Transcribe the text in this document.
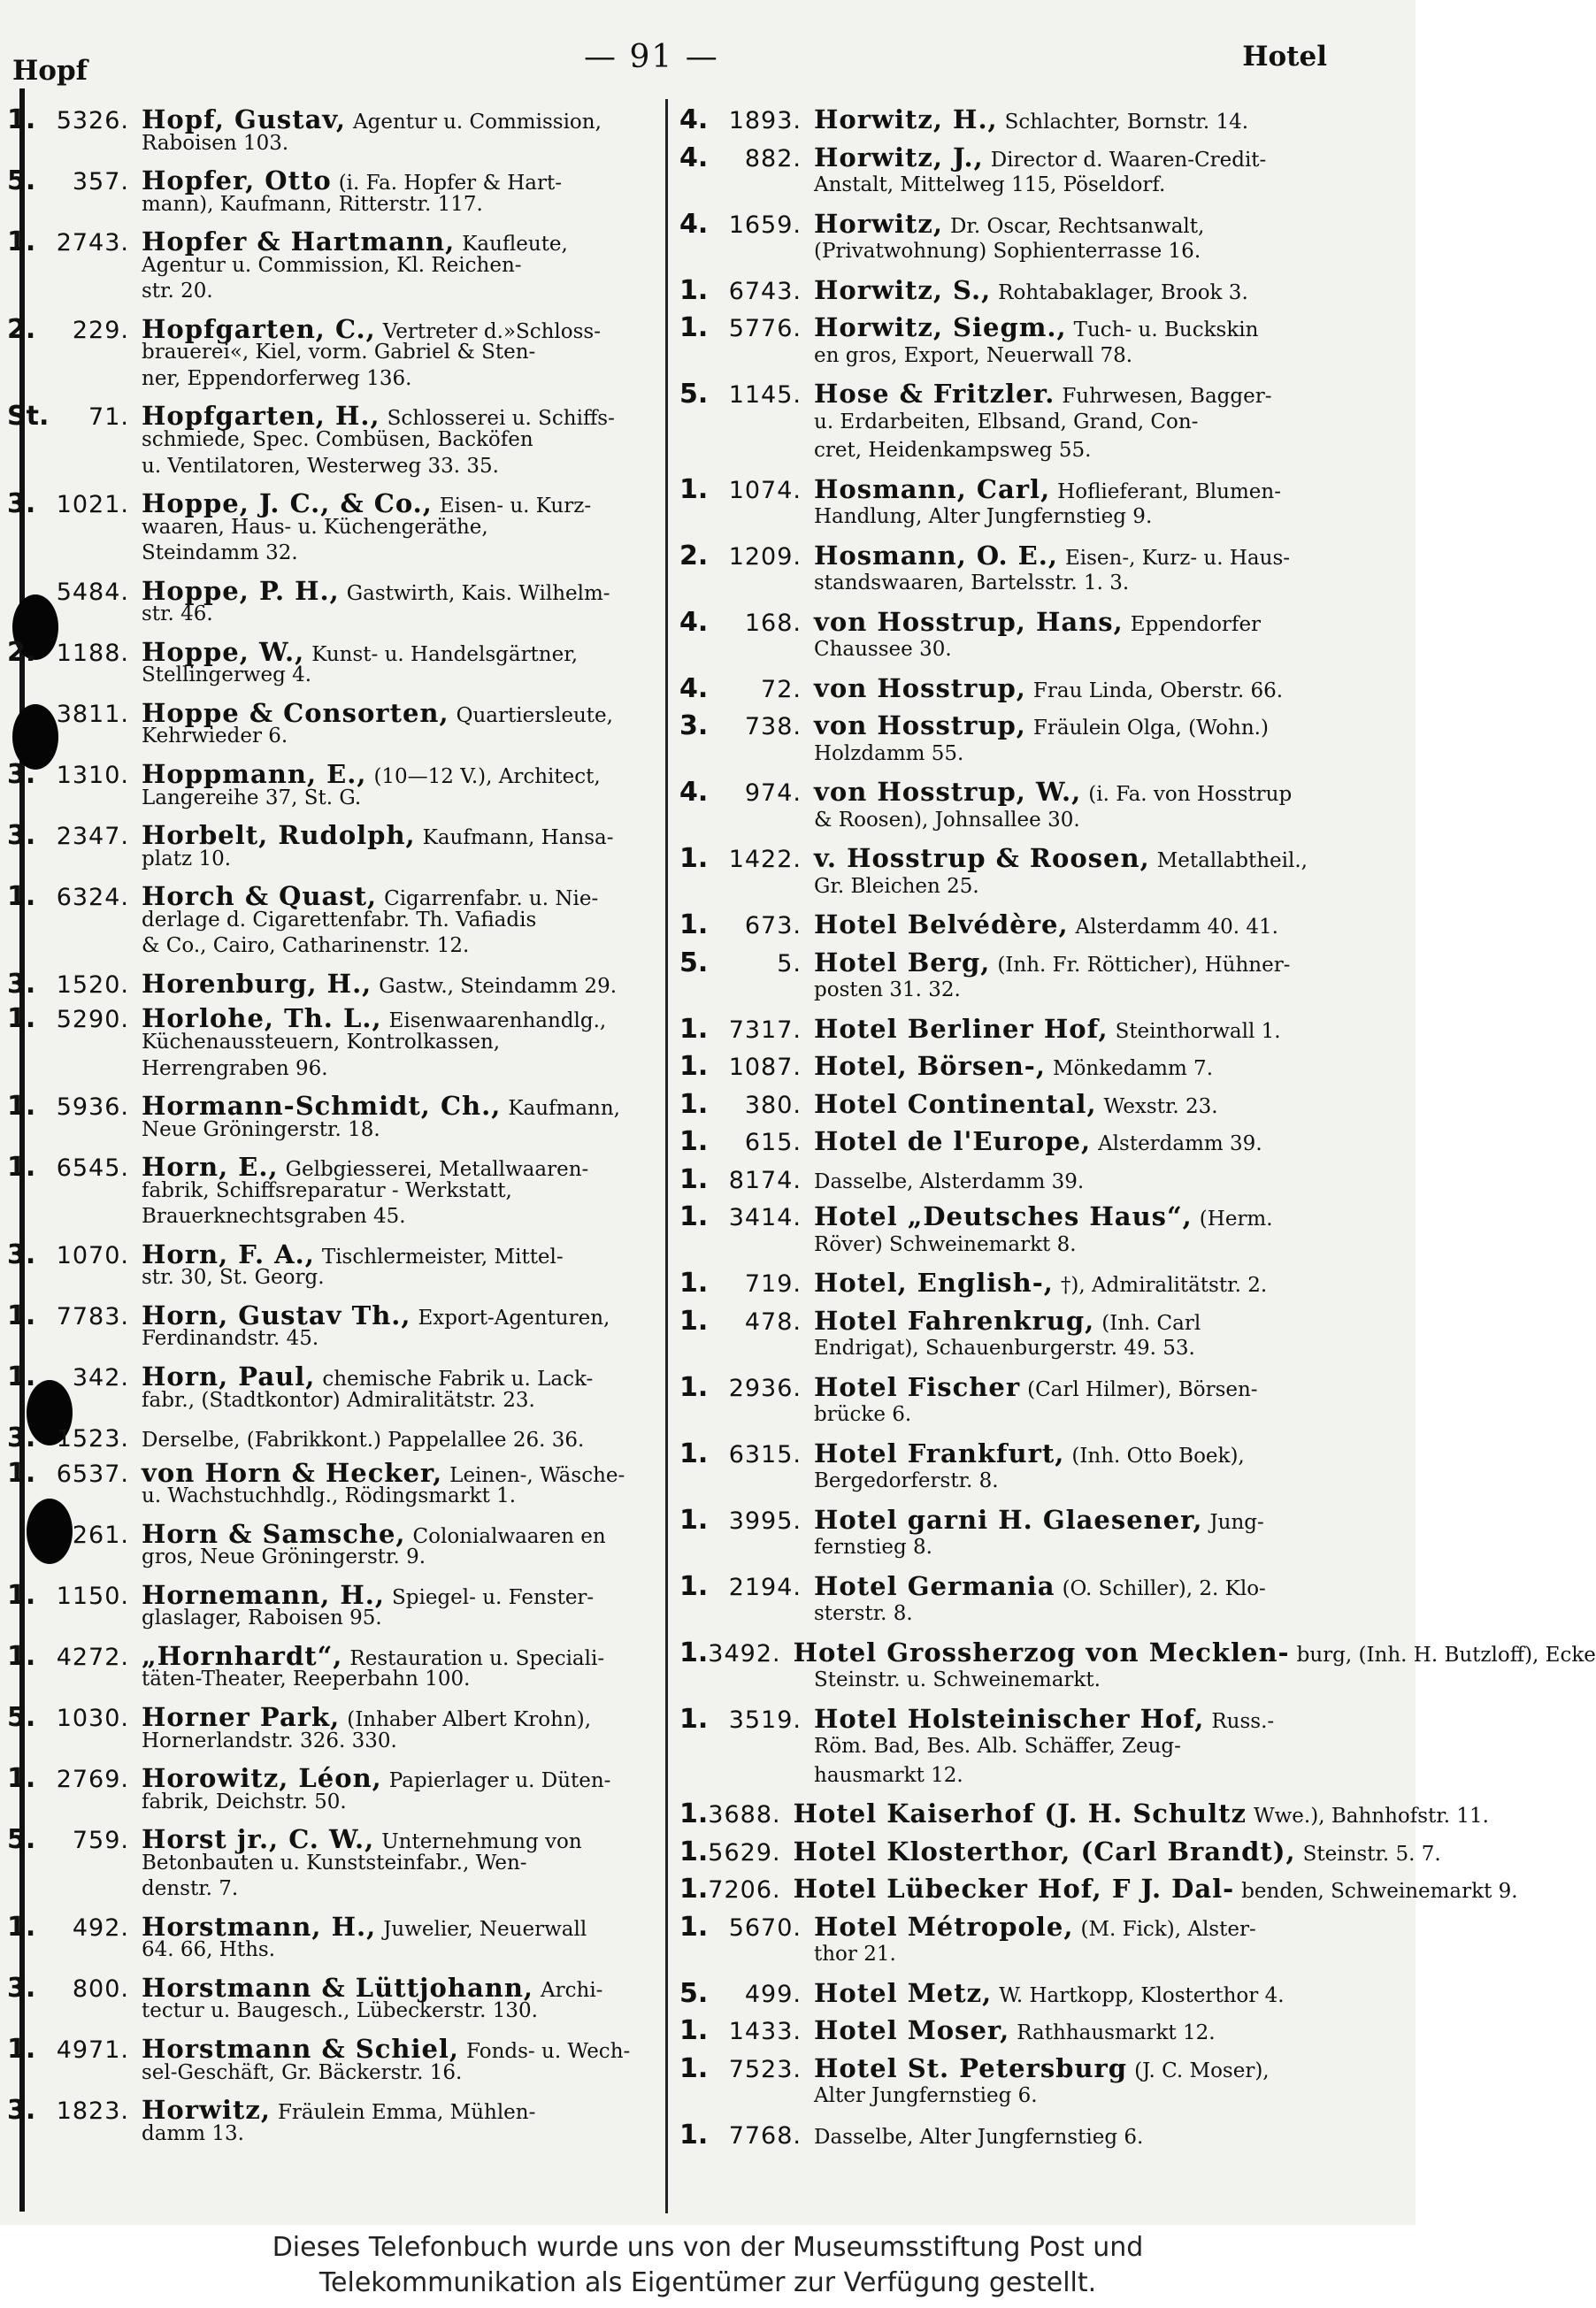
Hopf	— 91 —	Hotel
1. 5326. Hopf, Gustav, Agentur u. Commission,
Raboisen 103.
5.	357. Hopfer, Otto (i. Fa. Hopfer & Hart-
mann), Kaufmann, Ritterstr. 117.
1. 2743. Hopfer & Hartmann, Kaufleute,
Agentur u. Commission, Kl. Reichen-
str. 20.
2.	229. Hopfgarten, C., Vertreter d.»Schloss-
brauerei«, Kiel, vorm. Gabriel & Sten-
ner, Eppendorferweg 136.
St.	71. Hopfgarten, H., Schlosserei u. Schiffs-
schmiede, Spec. Combüsen, Backöfen
u. Ventilatoren, Westerweg 33. 35.
3. 1021. Hoppe, J. C., & Co., Eisen- u. Kurz-
waaren, Haus- u. Küchengeräthe,
Steindamm 32.
5484. Hoppe, P. H., Gastwirth, Kais. Wilhelm-
str. 46.
2. 1188. Hoppe, W., Kunst- u. Handelsgärtner,
Stellingerweg 4.
3811. Hoppe & Consorten, Quartiersleute,
Kehrwieder 6.
3. 1310. Hoppmann, E., (10—12 V.), Architect,
Langereihe 37, St. G.
3. 2347. Horbelt, Rudolph, Kaufmann, Hansa-
platz 10.
1. 6324. Horch & Quast, Cigarrenfabr. u. Nie-
derlage d. Cigarettenfabr. Th. Vafiadis
& Co., Cairo, Catharinenstr. 12.
3. 1520. Horenburg, H., Gastw., Steindamm 29.
1. 5290. Horlohe, Th. L., Eisenwaarenhandlg.,
Küchenaussteuern, Kontrolkassen,
Herrengraben 96.
1. 5936. Hormann-Schmidt, Ch., Kaufmann,
Neue Gröningerstr. 18.
1. 6545. Horn, E., Gelbgiesserei, Metallwaaren-
fabrik, Schiffsreparatur - Werkstatt,
Brauerknechtsgraben 45.
3. 1070. Horn, F. A., Tischlermeister, Mittel-
str. 30, St. Georg.
1. 7783. Horn, Gustav Th., Export-Agenturen,
Ferdinandstr. 45.
1.	342. Horn, Paul, chemische Fabrik u. Lack-
fabr., (Stadtkontor) Admiralitätstr. 23.
3. 1523. Derselbe, (Fabrikkont.) Pappelallee 26. 36.
1. 6537. von Horn & Hecker, Leinen-, Wäsche-
u. Wachstuchhdlg., Rödingsmarkt 1.
261. Horn & Samsche, Colonialwaaren en
gros, Neue Gröningerstr. 9.
1. 1150. Hornemann, H., Spiegel- u. Fenster-
glaslager, Raboisen 95.
1. 4272. „Hornhardt“, Restauration u. Speciali-
täten-Theater, Reeperbahn 100.
5. 1030. Horner Park, (Inhaber Albert Krohn),
Hornerlandstr. 326. 330.
1. 2769. Horowitz, Léon, Papierlager u. Düten-
fabrik, Deichstr. 50.
5.	759. Horst jr., C. W., Unternehmung von
Betonbauten u. Kunststeinfabr., Wen-
denstr. 7.
1.	492. Horstmann, H., Juwelier, Neuerwall
64. 66, Hths.
3.	800. Horstmann & Lüttjohann, Archi-
tectur u. Baugesch., Lübeckerstr. 130.
1. 4971. Horstmann & Schiel, Fonds- u. Wech-
sel-Geschäft, Gr. Bäckerstr. 16.
3. 1823. Horwitz, Fräulein Emma, Mühlen-
damm 13.
4. 1893. Horwitz, H., Schlachter, Bornstr. 14.
4.	882. Horwitz, J., Director d. Waaren-Credit-
Anstalt, Mittelweg 115, Pöseldorf.
4. 1659. Horwitz, Dr. Oscar, Rechtsanwalt,
(Privatwohnung) Sophienterrasse 16.
1. 6743. Horwitz, S., Rohtabaklager, Brook 3.
1. 5776. Horwitz, Siegm., Tuch- u. Buckskin
en gros, Export, Neuerwall 78.
5. 1145. Hose & Fritzler. Fuhrwesen, Bagger-
u. Erdarbeiten, Elbsand, Grand, Con-
cret, Heidenkampsweg 55.
1. 1074. Hosmann, Carl, Hoflieferant, Blumen-
Handlung, Alter Jungfernstieg 9.
2. 1209. Hosmann, O. E., Eisen-, Kurz- u. Haus-
standswaaren, Bartelsstr. 1. 3.
4.	168. von Hosstrup, Hans, Eppendorfer
Chaussee 30.
4.	72. von Hosstrup, Frau Linda, Oberstr. 66.
3.	738. von Hosstrup, Fräulein Olga, (Wohn.)
Holzdamm 55.
4.	974. von Hosstrup, W., (i. Fa. von Hosstrup
& Roosen), Johnsallee 30.
1. 1422. v. Hosstrup & Roosen, Metallabtheil.,
Gr. Bleichen 25.
1.	673. Hotel Belvédère, Alsterdamm 40. 41.
5.	5. Hotel Berg, (Inh. Fr. Rötticher), Hühner-
posten 31. 32.
1. 7317. Hotel Berliner Hof, Steinthorwall 1.
1. 1087. Hotel, Börsen-, Mönkedamm 7.
1.	380. Hotel Continental, Wexstr. 23.
1.	615. Hotel de l'Europe, Alsterdamm 39.
1. 8174. Dasselbe, Alsterdamm 39.
1. 3414. Hotel „Deutsches Haus“, (Herm.
Röver) Schweinemarkt 8.
1.	719. Hotel, English-, †), Admiralitätstr. 2.
1.	478. Hotel Fahrenkrug, (Inh. Carl
Endrigat), Schauenburgerstr. 49. 53.
1. 2936. Hotel Fischer (Carl Hilmer), Börsen-
brücke 6.
1. 6315. Hotel Frankfurt, (Inh. Otto Boek),
Bergedorferstr. 8.
1. 3995. Hotel garni H. Glaesener, Jung-
fernstieg 8.
1. 2194. Hotel Germania (O. Schiller), 2. Klo-
sterstr. 8.
1. 3492. Hotel Grossherzog von Mecklen- burg, (Inh. H. Butzloff), Ecke
Steinstr. u. Schweinemarkt.
1. 3519. Hotel Holsteinischer Hof, Russ.-
Röm. Bad, Bes. Alb. Schäffer, Zeug-
hausmarkt 12.
1. 3688. Hotel Kaiserhof (J. H. Schultz Wwe.), Bahnhofstr. 11.
1. 5629. Hotel Klosterthor, (Carl Brandt), Steinstr. 5. 7.
1. 7206. Hotel Lübecker Hof, F J. Dal- benden, Schweinemarkt 9.
1. 5670. Hotel Métropole, (M. Fick), Alster-
thor 21.
5.	499. Hotel Metz, W. Hartkopp, Klosterthor 4.
1. 1433. Hotel Moser, Rathhausmarkt 12.
1. 7523. Hotel St. Petersburg (J. C. Moser),
Alter Jungfernstieg 6.
1. 7768. Dasselbe, Alter Jungfernstieg 6.
Dieses Telefonbuch wurde uns von der Museumsstiftung Post und
Telekommunikation als Eigentümer zur Verfügung gestellt.
